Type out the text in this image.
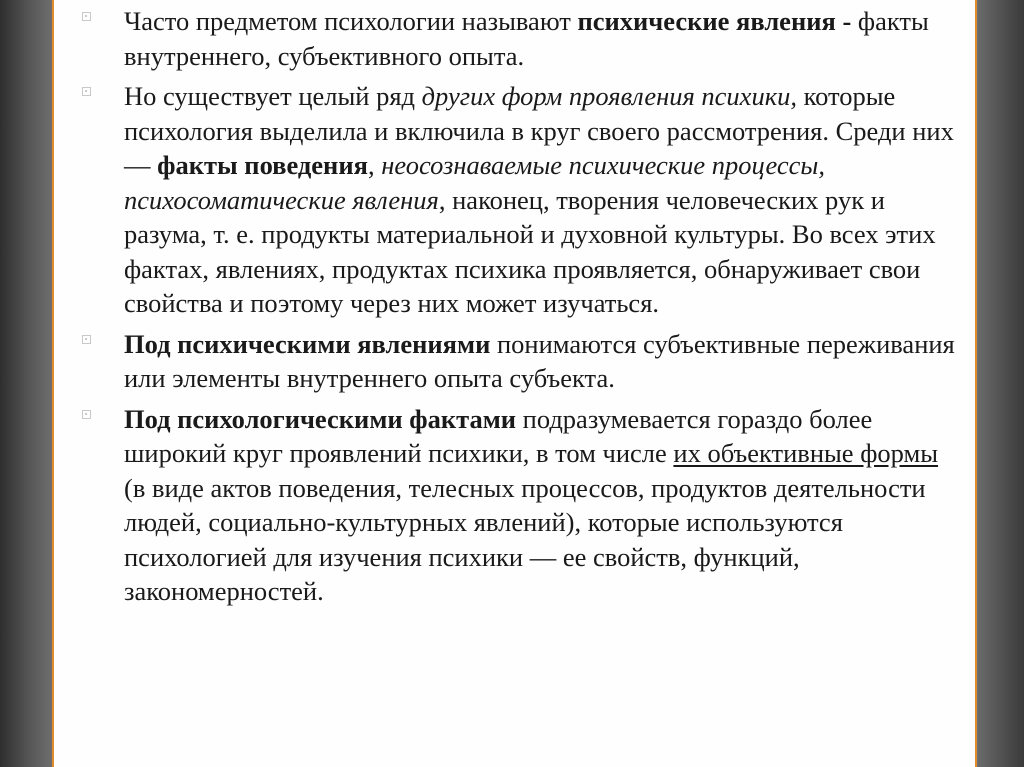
Часто предметом психологии называют психические явления - факты внутреннего, субъективного опыта.

Но существует целый ряд других форм проявления психики, которые психология выделила и включила в круг своего рассмотрения. Среди них — факты поведения, неосознаваемые психические процессы, психосоматические явления, наконец, творения человеческих рук и разума, т. е. продукты материальной и духовной культуры. Во всех этих фактах, явлениях, продуктах психика проявляется, обнаруживает свои свойства и поэтому через них может изучаться.

Под психическими явлениями понимаются субъективные переживания или элементы внутреннего опыта субъекта.

Под психологическими фактами подразумевается гораздо более широкий круг проявлений психики, в том числе их объективные формы (в виде актов поведения, телесных процессов, продуктов деятельности людей, социально-культурных явлений), которые используются психологией для изучения психики — ее свойств, функций, закономерностей.
